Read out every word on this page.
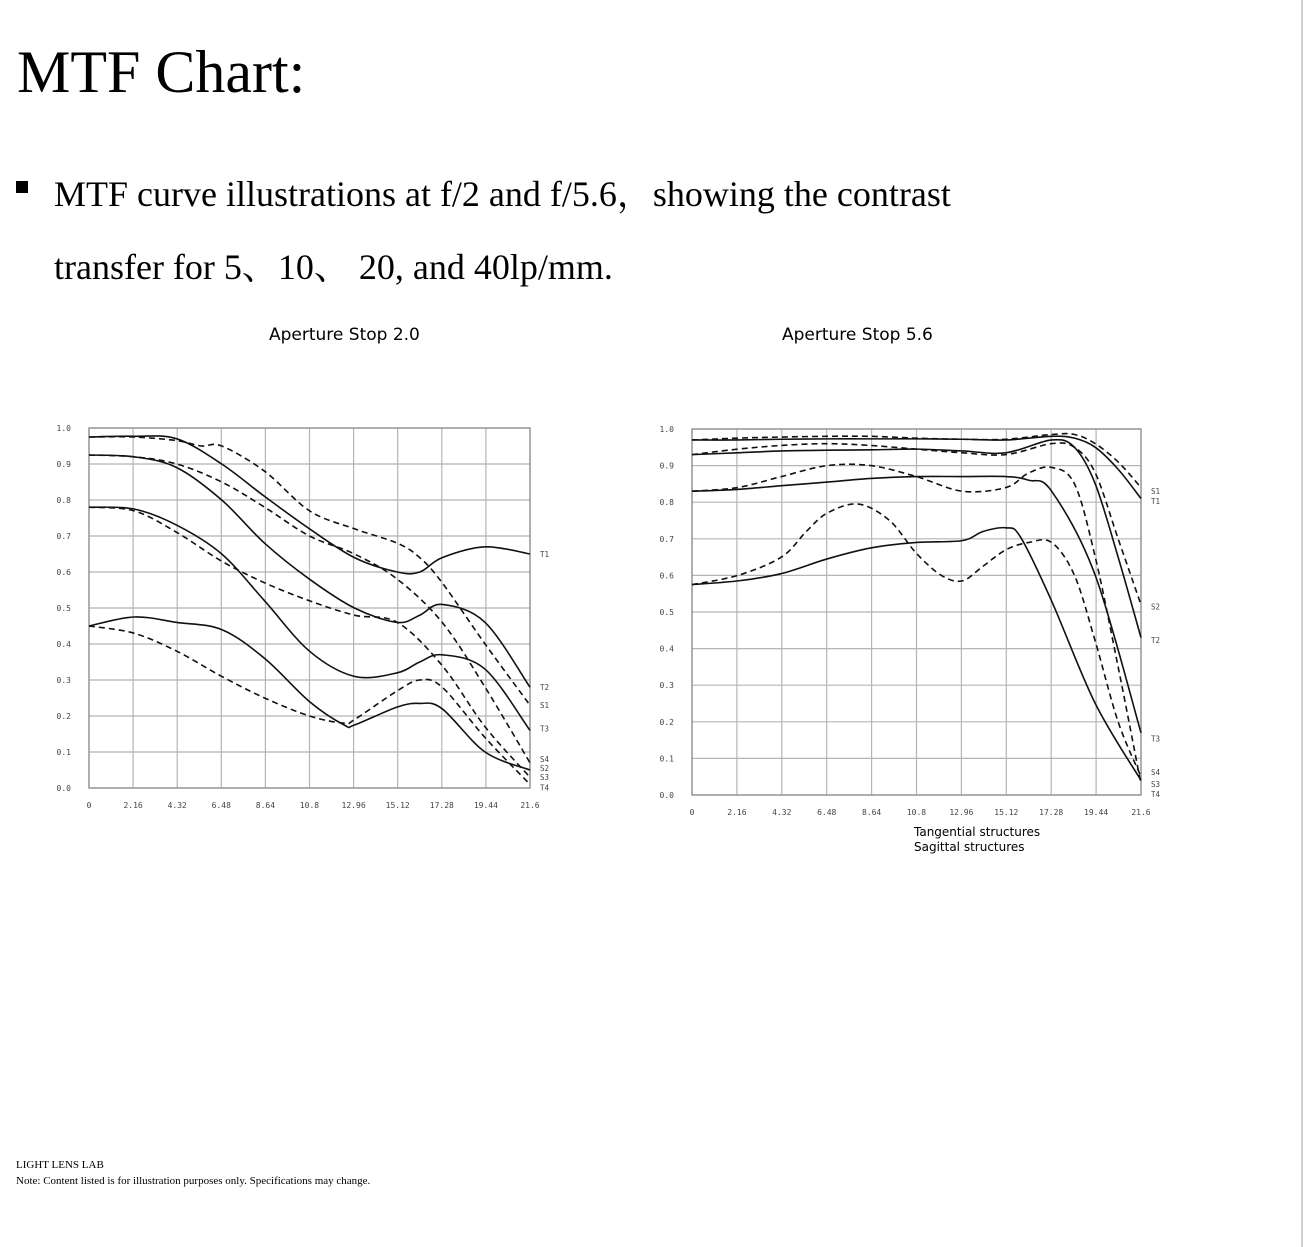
MTF Chart:
MTF curve illustrations at f/2 and f/5.6，showing the contrast
transfer for 5、10、 20, and 40lp/mm.
Aperture Stop 2.0	Aperture Stop 5.6
0.0
0.1
0.2
0.3
0.4
0.5
0.6
0.7
0.8
0.9
1.0
0	2.16	4.32	6.48	8.64	10.8	12.96	15.12	17.28	19.44	21.6
T1
T2
S1
T3
S4
S2
S3
T4
0.0
0.1
0.2
0.3
0.4
0.5
0.6
0.7
0.8
0.9
1.0
0	2.16	4.32	6.48	8.64	10.8	12.96	15.12	17.28	19.44	21.6
S1
T1
S2
T2
T3
S4
S3
T4
Tangential structures
Sagittal structures
LIGHT LENS LAB
Note: Content listed is for illustration purposes only. Specifications may change.
